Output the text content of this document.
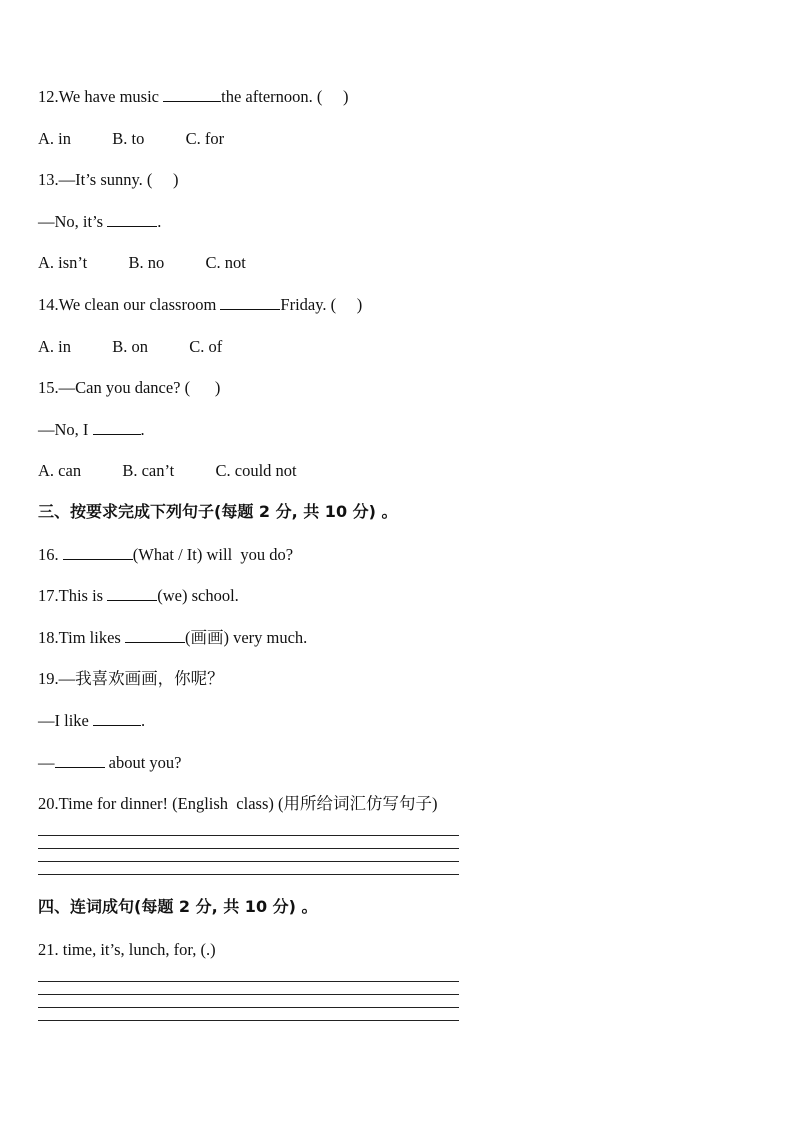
12.We have music	the afternoon. (     )
A. in          B. to          C. for
13.—It’s sunny. (     )
—No, it’s	.
A. isn’t          B. no          C. not
14.We clean our classroom	Friday. (     )
A. in          B. on          C. of
15.—Can you dance? (      )
—No, I	.
A. can          B. can’t          C. could not
三、按要求完成下列句子(每题 2 分, 共 10 分) 。
16.	(What / It) will  you do?
17.This is	(we) school.
18.Tim likes	(画画) very much.
19.—我喜欢画画，你呢？
—I like	.
—	about you?
20.Time for dinner! (English  class) (用所给词汇仿写句子)
四、连词成句(每题 2 分, 共 10 分) 。
21. time, it’s, lunch, for, (.)
